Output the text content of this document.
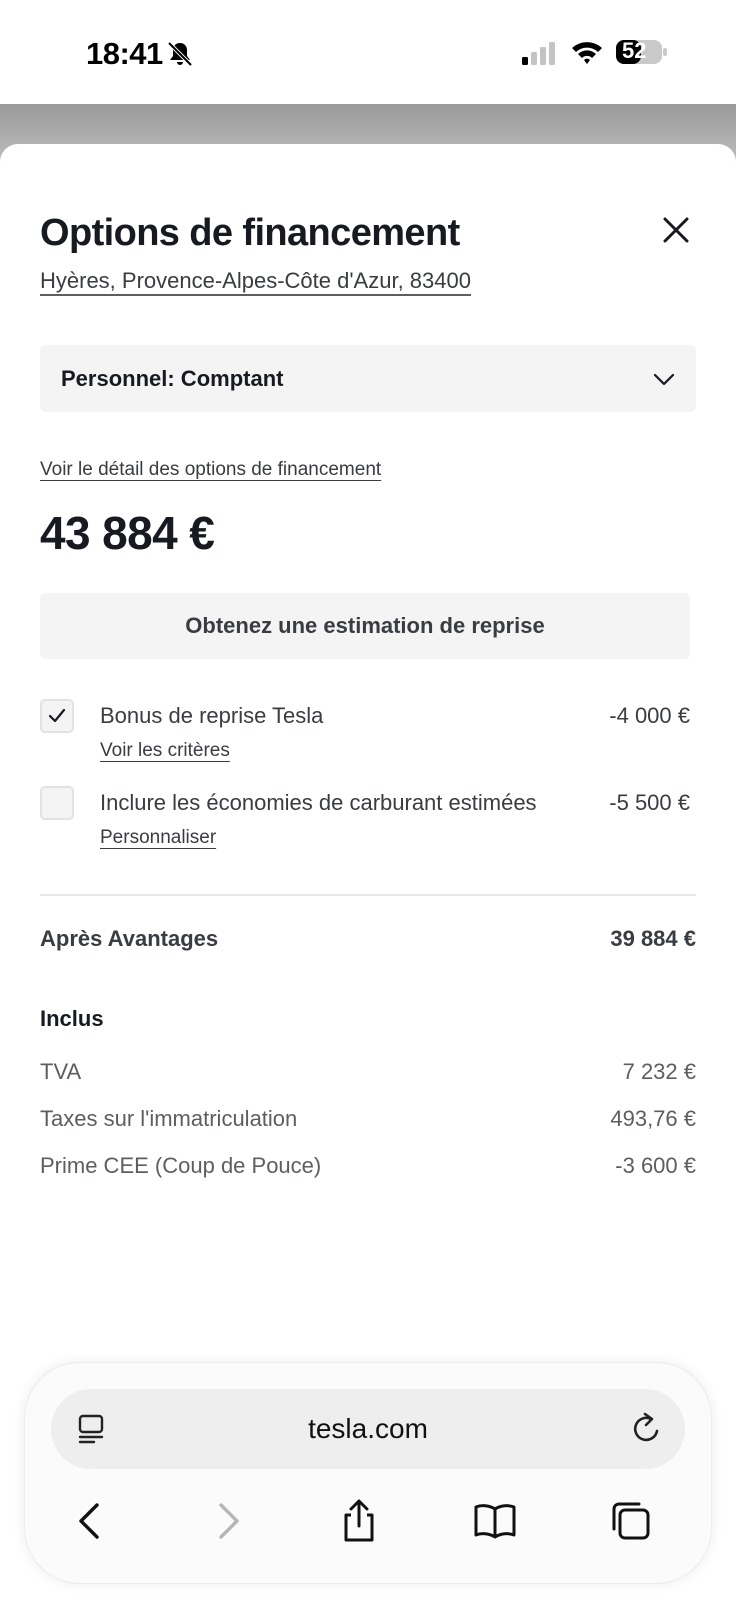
18:41	52
Options de financement
Hyères, Provence-Alpes-Côte d'Azur, 83400
Personnel: Comptant
Voir le détail des options de financement
43 884 €
Obtenez une estimation de reprise
Bonus de reprise Tesla	-4 000 €
Voir les critères
Inclure les économies de carburant estimées	-5 500 €
Personnaliser
Après Avantages	39 884 €
Inclus
TVA	7 232 €
Taxes sur l'immatriculation	493,76 €
Prime CEE (Coup de Pouce)	-3 600 €
tesla.com
